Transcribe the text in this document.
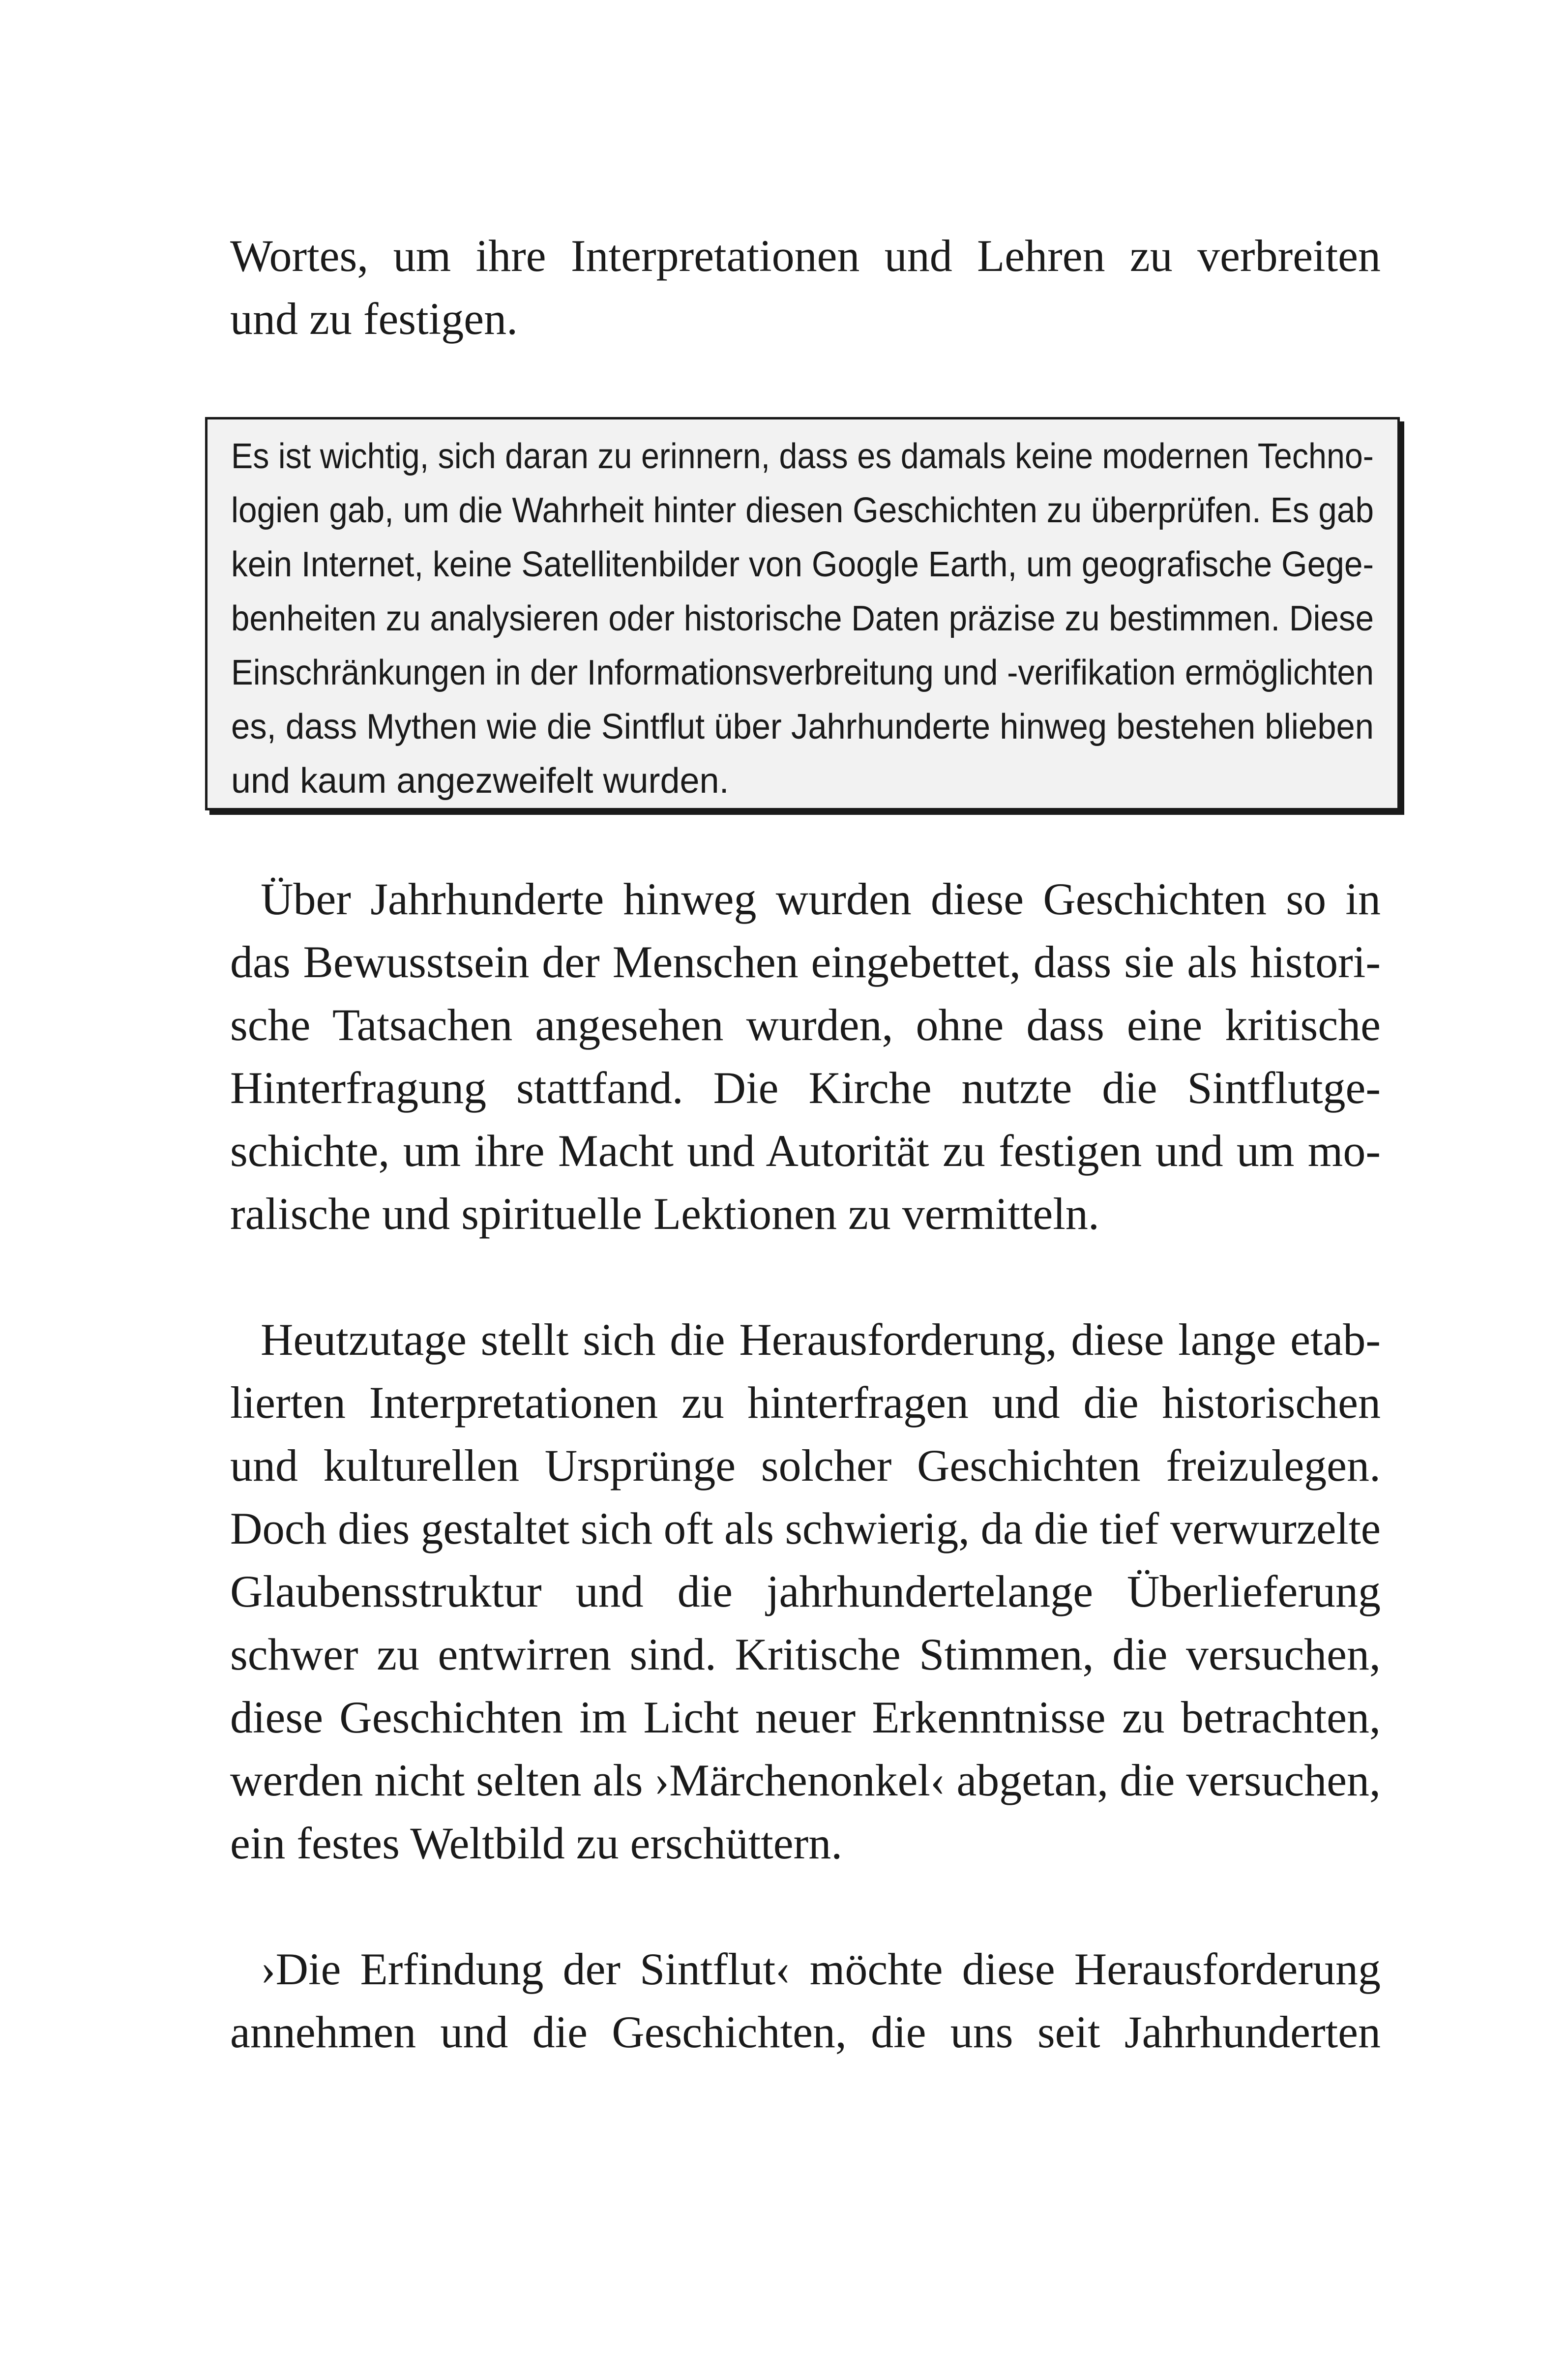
Wortes, um ihre Interpretationen und Lehren zu verbreiten
und zu festigen.
Es ist wichtig, sich daran zu erinnern, dass es damals keine modernen Techno-
logien gab, um die Wahrheit hinter diesen Geschichten zu überprüfen. Es gab
kein Internet, keine Satellitenbilder von Google Earth, um geografische Gege-
benheiten zu analysieren oder historische Daten präzise zu bestimmen. Diese
Einschränkungen in der Informationsverbreitung und -verifikation ermöglichten
es, dass Mythen wie die Sintflut über Jahrhunderte hinweg bestehen blieben
und kaum angezweifelt wurden.
Über Jahrhunderte hinweg wurden diese Geschichten so in
das Bewusstsein der Menschen eingebettet, dass sie als histori-
sche Tatsachen angesehen wurden, ohne dass eine kritische
Hinterfragung stattfand. Die Kirche nutzte die Sintflutge-
schichte, um ihre Macht und Autorität zu festigen und um mo-
ralische und spirituelle Lektionen zu vermitteln.
Heutzutage stellt sich die Herausforderung, diese lange etab-
lierten Interpretationen zu hinterfragen und die historischen
und kulturellen Ursprünge solcher Geschichten freizulegen.
Doch dies gestaltet sich oft als schwierig, da die tief verwurzelte
Glaubensstruktur und die jahrhundertelange Überlieferung
schwer zu entwirren sind. Kritische Stimmen, die versuchen,
diese Geschichten im Licht neuer Erkenntnisse zu betrachten,
werden nicht selten als ›Märchenonkel‹ abgetan, die versuchen,
ein festes Weltbild zu erschüttern.
›Die Erfindung der Sintflut‹ möchte diese Herausforderung
annehmen und die Geschichten, die uns seit Jahrhunderten
